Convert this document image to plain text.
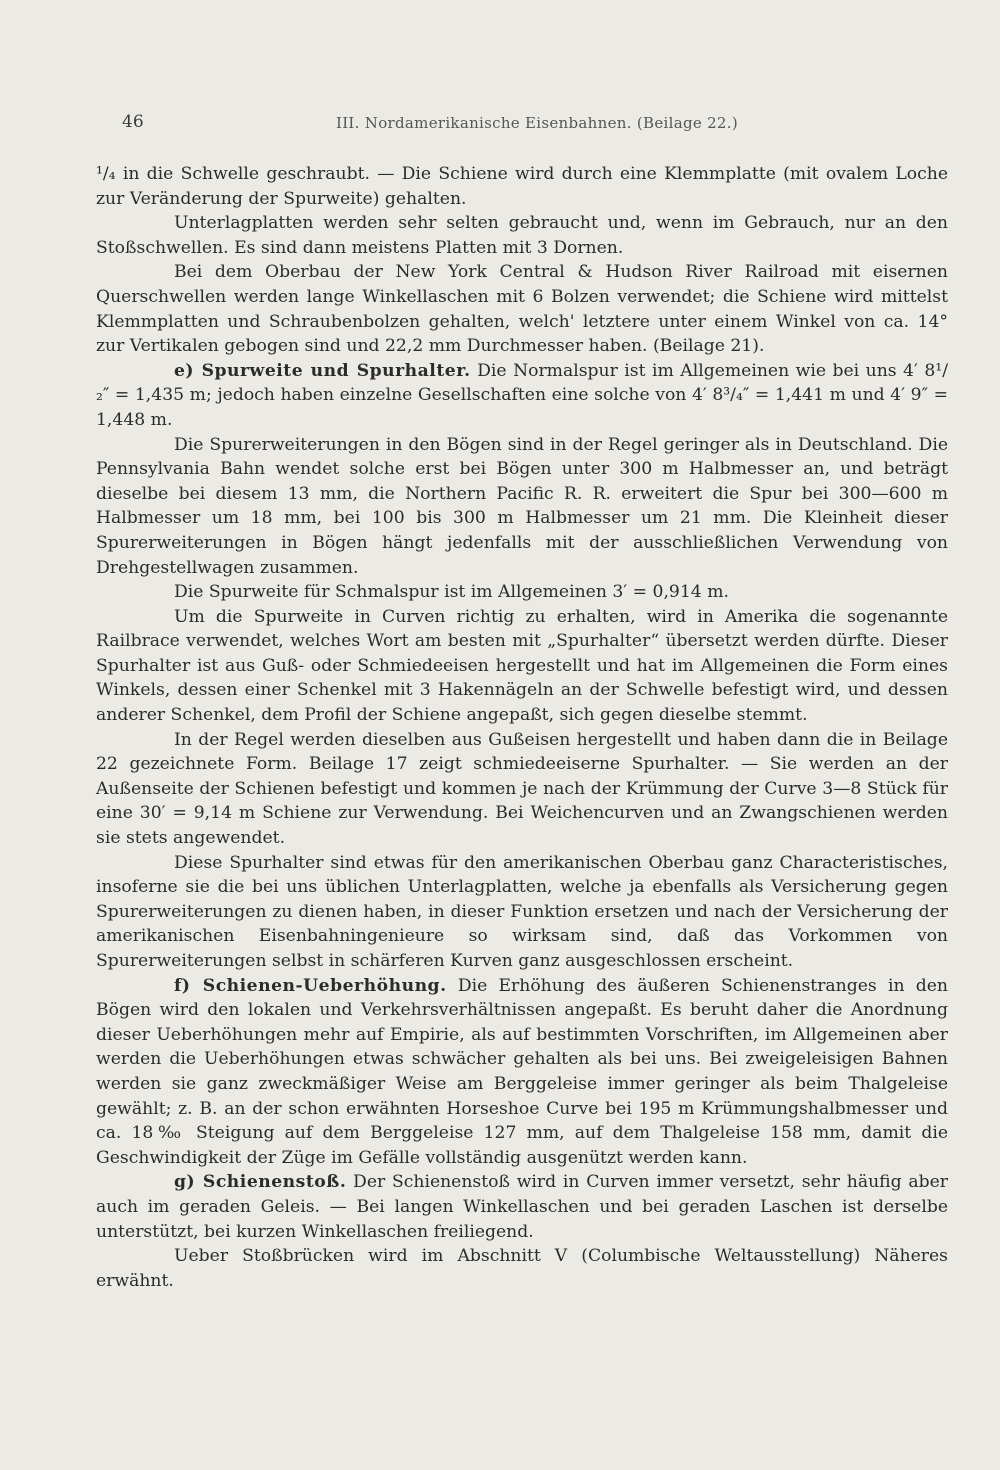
46	III. Nordamerikanische Eisenbahnen. (Beilage 22.)

¹/₄ in die Schwelle geschraubt. — Die Schiene wird durch eine Klemmplatte (mit ovalem Loche zur Veränderung der Spurweite) gehalten.

Unterlagplatten werden sehr selten gebraucht und, wenn im Gebrauch, nur an den Stoßschwellen. Es sind dann meistens Platten mit 3 Dornen.

Bei dem Oberbau der New York Central & Hudson River Railroad mit eisernen Querschwellen werden lange Winkellaschen mit 6 Bolzen verwendet; die Schiene wird mittelst Klemmplatten und Schraubenbolzen gehalten, welch' letztere unter einem Winkel von ca. 14° zur Vertikalen gebogen sind und 22,2 mm Durchmesser haben. (Beilage 21).

e) Spurweite und Spurhalter. Die Normalspur ist im Allgemeinen wie bei uns 4′ 8¹/₂″ = 1,435 m; jedoch haben einzelne Gesellschaften eine solche von 4′ 8³/₄″ = 1,441 m und 4′ 9″ = 1,448 m.

Die Spurerweiterungen in den Bögen sind in der Regel geringer als in Deutschland. Die Pennsylvania Bahn wendet solche erst bei Bögen unter 300 m Halbmesser an, und beträgt dieselbe bei diesem 13 mm, die Northern Pacific R. R. erweitert die Spur bei 300—600 m Halbmesser um 18 mm, bei 100 bis 300 m Halbmesser um 21 mm. Die Kleinheit dieser Spurerweiterungen in Bögen hängt jedenfalls mit der ausschließlichen Verwendung von Drehgestellwagen zusammen.

Die Spurweite für Schmalspur ist im Allgemeinen 3′ = 0,914 m.

Um die Spurweite in Curven richtig zu erhalten, wird in Amerika die sogenannte Railbrace verwendet, welches Wort am besten mit „Spurhalter“ übersetzt werden dürfte. Dieser Spurhalter ist aus Guß- oder Schmiedeeisen hergestellt und hat im Allgemeinen die Form eines Winkels, dessen einer Schenkel mit 3 Hakennägeln an der Schwelle befestigt wird, und dessen anderer Schenkel, dem Profil der Schiene angepaßt, sich gegen dieselbe stemmt.

In der Regel werden dieselben aus Gußeisen hergestellt und haben dann die in Beilage 22 gezeichnete Form. Beilage 17 zeigt schmiedeeiserne Spurhalter. — Sie werden an der Außenseite der Schienen befestigt und kommen je nach der Krümmung der Curve 3—8 Stück für eine 30′ = 9,14 m Schiene zur Verwendung. Bei Weichencurven und an Zwangschienen werden sie stets angewendet.

Diese Spurhalter sind etwas für den amerikanischen Oberbau ganz Characteristisches, insoferne sie die bei uns üblichen Unterlagplatten, welche ja ebenfalls als Versicherung gegen Spurerweiterungen zu dienen haben, in dieser Funktion ersetzen und nach der Versicherung der amerikanischen Eisenbahningenieure so wirksam sind, daß das Vorkommen von Spurerweiterungen selbst in schärferen Kurven ganz ausgeschlossen erscheint.

f) Schienen-Ueberhöhung. Die Erhöhung des äußeren Schienenstranges in den Bögen wird den lokalen und Verkehrsverhältnissen angepaßt. Es beruht daher die Anordnung dieser Ueberhöhungen mehr auf Empirie, als auf bestimmten Vorschriften, im Allgemeinen aber werden die Ueberhöhungen etwas schwächer gehalten als bei uns. Bei zweigeleisigen Bahnen werden sie ganz zweckmäßiger Weise am Berggeleise immer geringer als beim Thalgeleise gewählt; z. B. an der schon erwähnten Horseshoe Curve bei 195 m Krümmungshalbmesser und ca. 18‰ Steigung auf dem Berggeleise 127 mm, auf dem Thalgeleise 158 mm, damit die Geschwindigkeit der Züge im Gefälle vollständig ausgenützt werden kann.

g) Schienenstoß. Der Schienenstoß wird in Curven immer versetzt, sehr häufig aber auch im geraden Geleis. — Bei langen Winkellaschen und bei geraden Laschen ist derselbe unterstützt, bei kurzen Winkellaschen freiliegend.

Ueber Stoßbrücken wird im Abschnitt V (Columbische Weltausstellung) Näheres erwähnt.
